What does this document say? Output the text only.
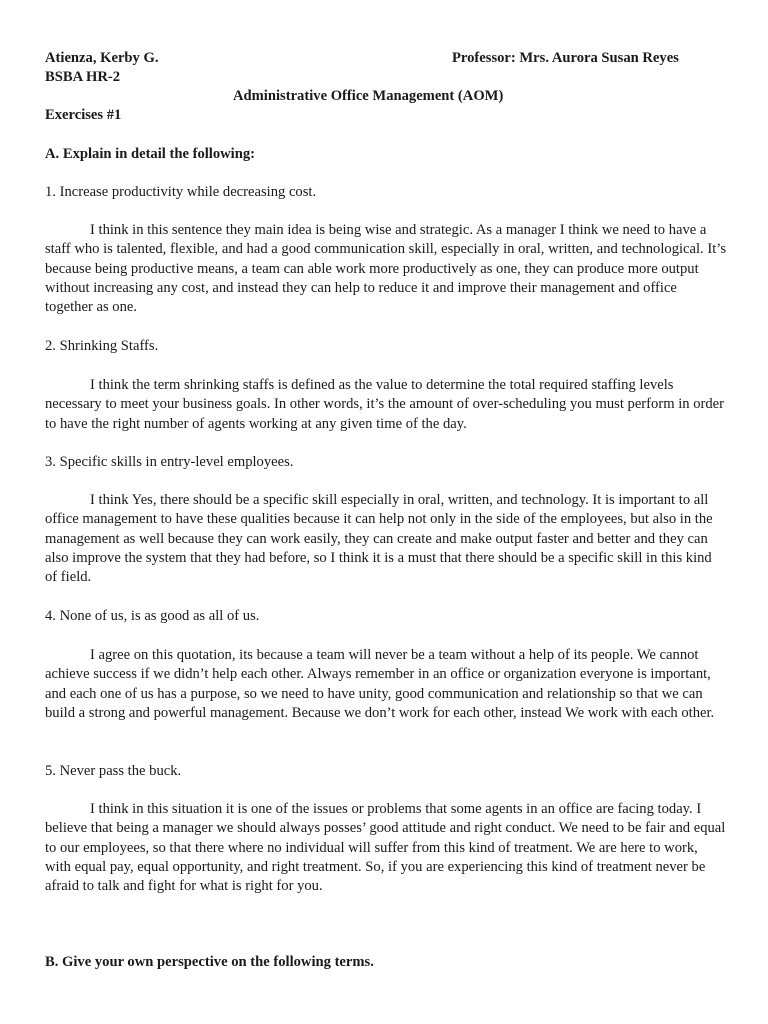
Atienza, Kerby G.	Professor: Mrs. Aurora Susan Reyes

BSBA HR-2

Administrative Office Management (AOM)

Exercises #1

A. Explain in detail the following:

1. Increase productivity while decreasing cost.

I think in this sentence they main idea is being wise and strategic. As a manager I think we need to have a staff who is talented, flexible, and had a good communication skill, especially in oral, written, and technological. It’s because being productive means, a team can able work more productively as one, they can produce more output without increasing any cost, and instead they can help to reduce it and improve their management and office together as one.

2. Shrinking Staffs.

I think the term shrinking staffs is defined as the value to determine the total required staffing levels necessary to meet your business goals. In other words, it’s the amount of over-scheduling you must perform in order to have the right number of agents working at any given time of the day.

3. Specific skills in entry-level employees.

I think Yes, there should be a specific skill especially in oral, written, and technology. It is important to all office management to have these qualities because it can help not only in the side of the employees, but also in the management as well because they can work easily, they can create and make output faster and better and they can also improve the system that they had before, so I think it is a must that there should be a specific skill in this kind of field.

4. None of us, is as good as all of us.

I agree on this quotation, its because a team will never be a team without a help of its people. We cannot achieve success if we didn’t help each other. Always remember in an office or organization everyone is important, and each one of us has a purpose, so we need to have unity, good communication and relationship so that we can build a strong and powerful management. Because we don’t work for each other, instead We work with each other.

5. Never pass the buck.

I think in this situation it is one of the issues or problems that some agents in an office are facing today. I believe that being a manager we should always posses’ good attitude and right conduct. We need to be fair and equal to our employees, so that there where no individual will suffer from this kind of treatment. We are here to work, with equal pay, equal opportunity, and right treatment. So, if you are experiencing this kind of treatment never be afraid to talk and fight for what is right for you.

B. Give your own perspective on the following terms.
